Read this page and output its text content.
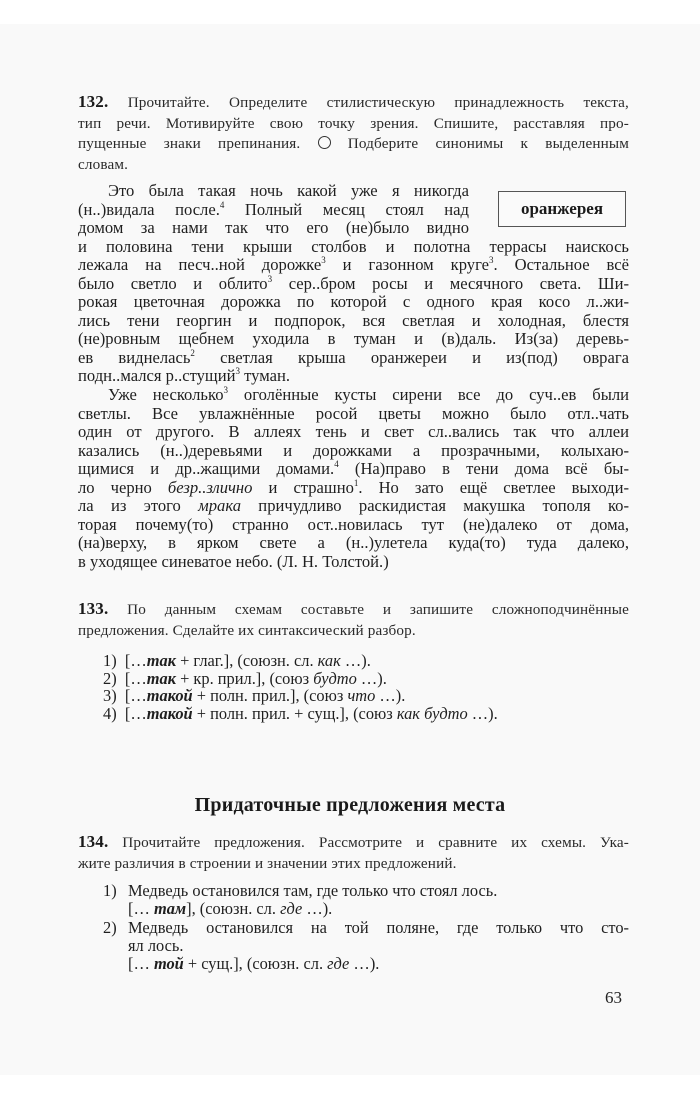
132. Прочитайте. Определите стилистическую принадлежность текста,
тип речи. Мотивируйте свою точку зрения. Спишите, расставляя про-
пущенные знаки препинания.	Подберите синонимы к выделенным
словам.
оранжерея
Это была такая ночь какой уже я никогда
(н..)видала после.$^4$ Полный месяц стоял над
домом за нами так что его (не)было видно
и половина тени крыши столбов и полотна террасы наискось
лежала на песч..ной дорожке$^3$ и газонном круге$^3$. Остальное всё
было светло и облито$^3$ сер..бром росы и месячного света. Ши-
рокая цветочная дорожка по которой с одного края косо л..жи-
лись тени георгин и подпорок, вся светлая и холодная, блестя
(не)ровным щебнем уходила в туман и (в)даль. Из(за) деревь-
ев виднелась$^2$ светлая крыша оранжереи и из(под) оврага
подн..мался р..стущий$^3$ туман.
Уже несколько$^3$ оголённые кусты сирени все до суч..ев были
светлы. Все увлажнённые росой цветы можно было отл..чать
один от другого. В аллеях тень и свет сл..вались так что аллеи
казались (н..)деревьями и дорожками а прозрачными, колыхаю-
щимися и др..жащими домами.$^4$ (На)право в тени дома всё бы-
ло черно безр..злично и страшно$^1$. Но зато ещё светлее выходи-
ла из этого мрака причудливо раскидистая макушка тополя ко-
торая почему(то) странно ост..новилась тут (не)далеко от дома,
(на)верху, в ярком свете а (н..)улетела куда(то) туда далеко,
в уходящее синеватое небо. (Л. Н. Толстой.)
133. По данным схемам составьте и запишите сложноподчинённые
предложения. Сделайте их синтаксический разбор.
1) […так + глаг.], (союзн. сл. как …).
2) […так + кр. прил.], (союз будто …).
3) […такой + полн. прил.], (союз что …).
4) […такой + полн. прил. + сущ.], (союз как будто …).
Придаточные предложения места
134. Прочитайте предложения. Рассмотрите и сравните их схемы. Ука-
жите различия в строении и значении этих предложений.
1) Медведь остановился там, где только что стоял лось.
[… там], (союзн. сл. где …).
2) Медведь остановился на той поляне, где только что сто-
ял лось.
[… той + сущ.], (союзн. сл. где …).
63
